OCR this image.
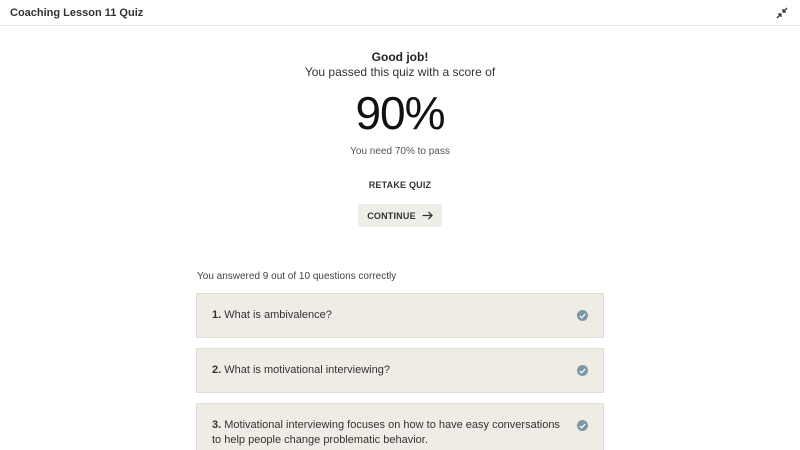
Coaching Lesson 11 Quiz
Good job!
You passed this quiz with a score of
90%
You need 70% to pass
RETAKE QUIZ
CONTINUE
You answered 9 out of 10 questions correctly
1. What is ambivalence?
2. What is motivational interviewing?
3. Motivational interviewing focuses on how to have easy conversations to help people change problematic behavior.
